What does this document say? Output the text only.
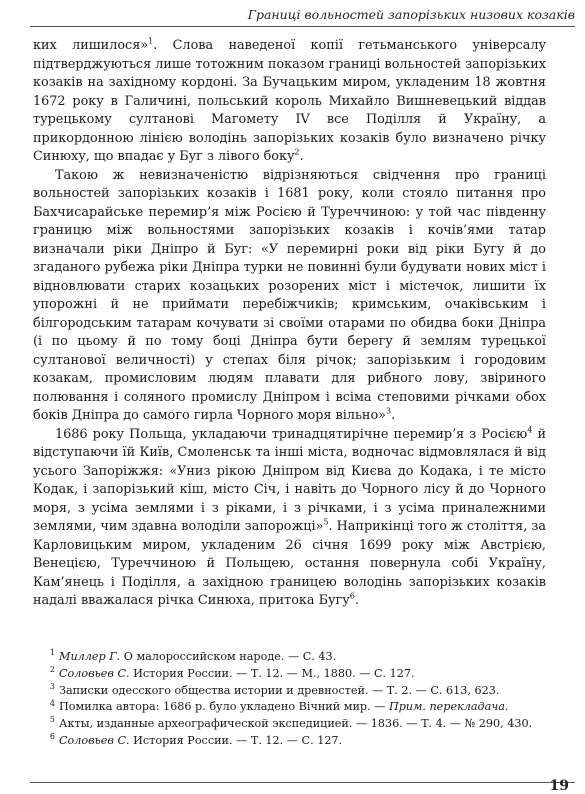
Границі вольностей запорізьких низових козаків

ких лишилося»$^1$. Слова наведеної копії гетьманського універсалу підтверджуються лише тотожним показом границі вольностей запорізьких козаків на західному кордоні. За Бучацьким миром, укладеним 18 жовтня 1672 року в Галичині, польський король Михайло Вишневецький віддав турецькому султанові Магомету IV все Поділля й Україну, а прикордонною лінією володінь запорізьких козаків було визначено річку Синюху, що впадає у Буг з лівого боку$^2$.

Такою ж невизначеністю відрізняються свідчення про границі вольностей запорізьких козаків і 1681 року, коли стояло питання про Бахчисарайське перемир’я між Росією й Туреччиною: у той час південну границю між вольностями запорізьких козаків і кочів’ями татар визначали ріки Дніпро й Буг: «У перемирні роки від ріки Бугу й до згаданого рубежа ріки Дніпра турки не повинні були будувати нових міст і відновлювати старих козацьких розорених міст і містечок, лишити їх упорожні й не приймати перебіжчиків; кримським, очаківським і білгородським татарам кочувати зі своїми отарами по обидва боки Дніпра (і по цьому й по тому боці Дніпра бути берегу й землям турецької султанової величності) у степах біля річок; запорізьким і городовим козакам, промисловим людям плавати для рибного лову, звіриного полювання і соляного промислу Дніпром і всіма степовими річками обох боків Дніпра до самого гирла Чорного моря вільно»$^3$.

1686 року Польща, укладаючи тринадцятирічне перемир’я з Росією$^4$ й відступаючи їй Київ, Смоленськ та інші міста, водночас відмовлялася й від усього Запоріжжя: «Униз рікою Дніпром від Києва до Кодака, і те місто Кодак, і запорізький кіш, місто Січ, і навіть до Чорного лісу й до Чорного моря, з усіма землями і з ріками, і з річками, і з усіма приналежними землями, чим здавна володіли запорожці»$^5$. Наприкінці того ж століття, за Карловицьким миром, укладеним 26 січня 1699 року між Австрією, Венецією, Туреччиною й Польщею, остання повернула собі Україну, Кам’янець і Поділля, а західною границею володінь запорізьких козаків надалі вважалася річка Синюха, притока Бугу$^6$.

1 Миллер Г. О малороссийском народе. — С. 43.
2 Соловьев С. История России. — Т. 12. — М., 1880. — С. 127.
3 Записки одесского общества истории и древностей. — Т. 2. — С. 613, 623.
4 Помилка автора: 1686 р. було укладено Вічний мир. — Прим. перекладача.
5 Акты, изданные археографической экспедицией. — 1836. — Т. 4. — № 290, 430.
6 Соловьев С. История России. — Т. 12. — С. 127.
19
